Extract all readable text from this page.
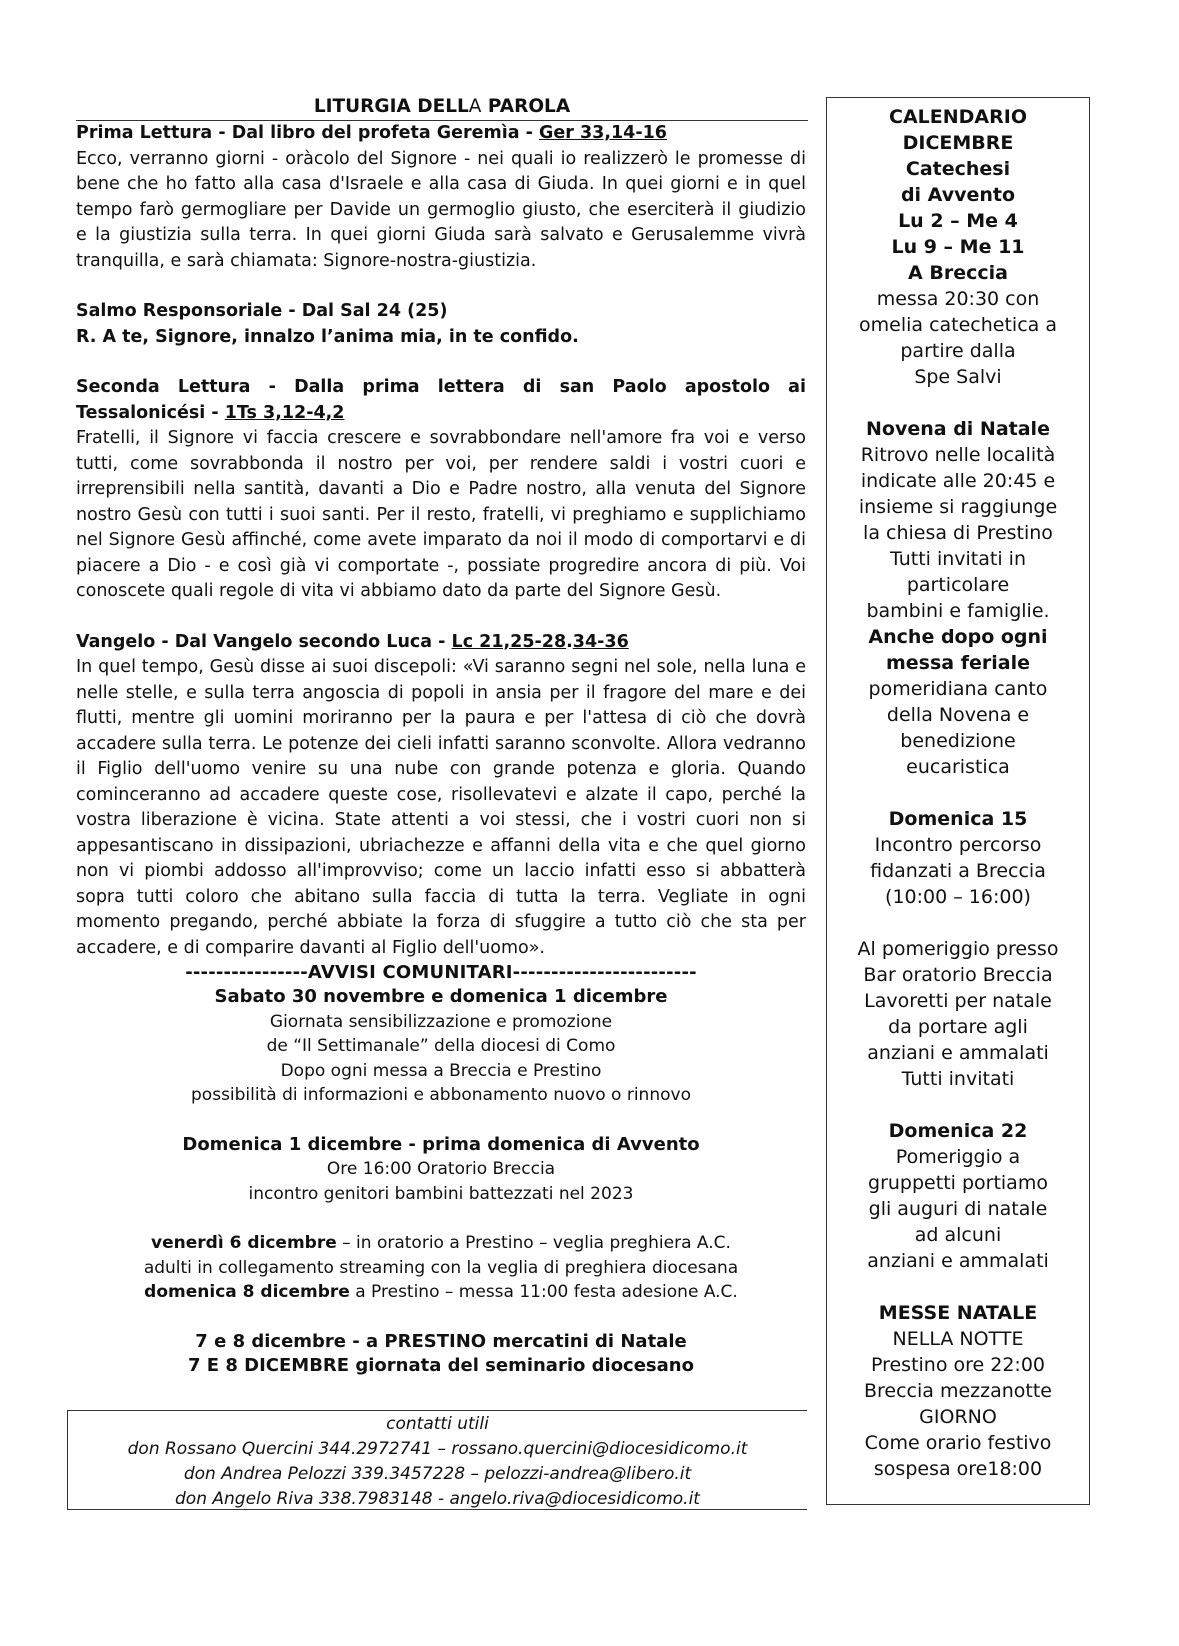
LITURGIA DELLA PAROLA
Prima Lettura - Dal libro del profeta Geremìa - Ger 33,14-16
Ecco, verranno giorni - oràcolo del Signore - nei quali io realizzerò le promesse di bene che ho fatto alla casa d'Israele e alla casa di Giuda. In quei giorni e in quel tempo farò germogliare per Davide un germoglio giusto, che eserciterà il giudizio e la giustizia sulla terra. In quei giorni Giuda sarà salvato e Gerusalemme vivrà tranquilla, e sarà chiamata: Signore-nostra-giustizia.
Salmo Responsoriale - Dal Sal 24 (25)
R. A te, Signore, innalzo l’anima mia, in te confido.
Seconda Lettura - Dalla prima lettera di san Paolo apostolo ai Tessalonicési - 1Ts 3,12-4,2
Fratelli, il Signore vi faccia crescere e sovrabbondare nell'amore fra voi e verso tutti, come sovrabbonda il nostro per voi, per rendere saldi i vostri cuori e irreprensibili nella santità, davanti a Dio e Padre nostro, alla venuta del Signore nostro Gesù con tutti i suoi santi. Per il resto, fratelli, vi preghiamo e supplichiamo nel Signore Gesù affinché, come avete imparato da noi il modo di comportarvi e di piacere a Dio - e così già vi comportate -, possiate progredire ancora di più. Voi conoscete quali regole di vita vi abbiamo dato da parte del Signore Gesù.
Vangelo - Dal Vangelo secondo Luca - Lc 21,25-28.34-36
In quel tempo, Gesù disse ai suoi discepoli: «Vi saranno segni nel sole, nella luna e nelle stelle, e sulla terra angoscia di popoli in ansia per il fragore del mare e dei flutti, mentre gli uomini moriranno per la paura e per l'attesa di ciò che dovrà accadere sulla terra. Le potenze dei cieli infatti saranno sconvolte. Allora vedranno il Figlio dell'uomo venire su una nube con grande potenza e gloria. Quando cominceranno ad accadere queste cose, risollevatevi e alzate il capo, perché la vostra liberazione è vicina. State attenti a voi stessi, che i vostri cuori non si appesantiscano in dissipazioni, ubriachezze e affanni della vita e che quel giorno non vi piombi addosso all'improvviso; come un laccio infatti esso si abbatterà sopra tutti coloro che abitano sulla faccia di tutta la terra. Vegliate in ogni momento pregando, perché abbiate la forza di sfuggire a tutto ciò che sta per accadere, e di comparire davanti al Figlio dell'uomo».
----------------AVVISI COMUNITARI------------------------
Sabato 30 novembre e domenica 1 dicembre
Giornata sensibilizzazione e promozione
de “Il Settimanale” della diocesi di Como
Dopo ogni messa a Breccia e Prestino
possibilità di informazioni e abbonamento nuovo o rinnovo
Domenica 1 dicembre - prima domenica di Avvento
Ore 16:00 Oratorio Breccia
incontro genitori bambini battezzati nel 2023
venerdì 6 dicembre – in oratorio a Prestino – veglia preghiera A.C.
adulti in collegamento streaming con la veglia di preghiera diocesana
domenica 8 dicembre a Prestino – messa 11:00 festa adesione A.C.
7 e 8 dicembre - a PRESTINO mercatini di Natale
7 E 8 DICEMBRE giornata del seminario diocesano
contatti utili
don Rossano Quercini 344.2972741 – rossano.quercini@diocesidicomo.it
don Andrea Pelozzi 339.3457228 – pelozzi-andrea@libero.it
don Angelo Riva 338.7983148 - angelo.riva@diocesidicomo.it
CALENDARIO
DICEMBRE
Catechesi
di Avvento
Lu 2 – Me 4
Lu 9 – Me 11
A Breccia
messa 20:30 con
omelia catechetica a
partire dalla
Spe Salvi
Novena di Natale
Ritrovo nelle località
indicate alle 20:45 e
insieme si raggiunge
la chiesa di Prestino
Tutti invitati in
particolare
bambini e famiglie.
Anche dopo ogni
messa feriale
pomeridiana canto
della Novena e
benedizione
eucaristica
Domenica 15
Incontro percorso
fidanzati a Breccia
(10:00 – 16:00)
Al pomeriggio presso
Bar oratorio Breccia
Lavoretti per natale
da portare agli
anziani e ammalati
Tutti invitati
Domenica 22
Pomeriggio a
gruppetti portiamo
gli auguri di natale
ad alcuni
anziani e ammalati
MESSE NATALE
NELLA NOTTE
Prestino ore 22:00
Breccia mezzanotte
GIORNO
Come orario festivo
sospesa ore18:00
